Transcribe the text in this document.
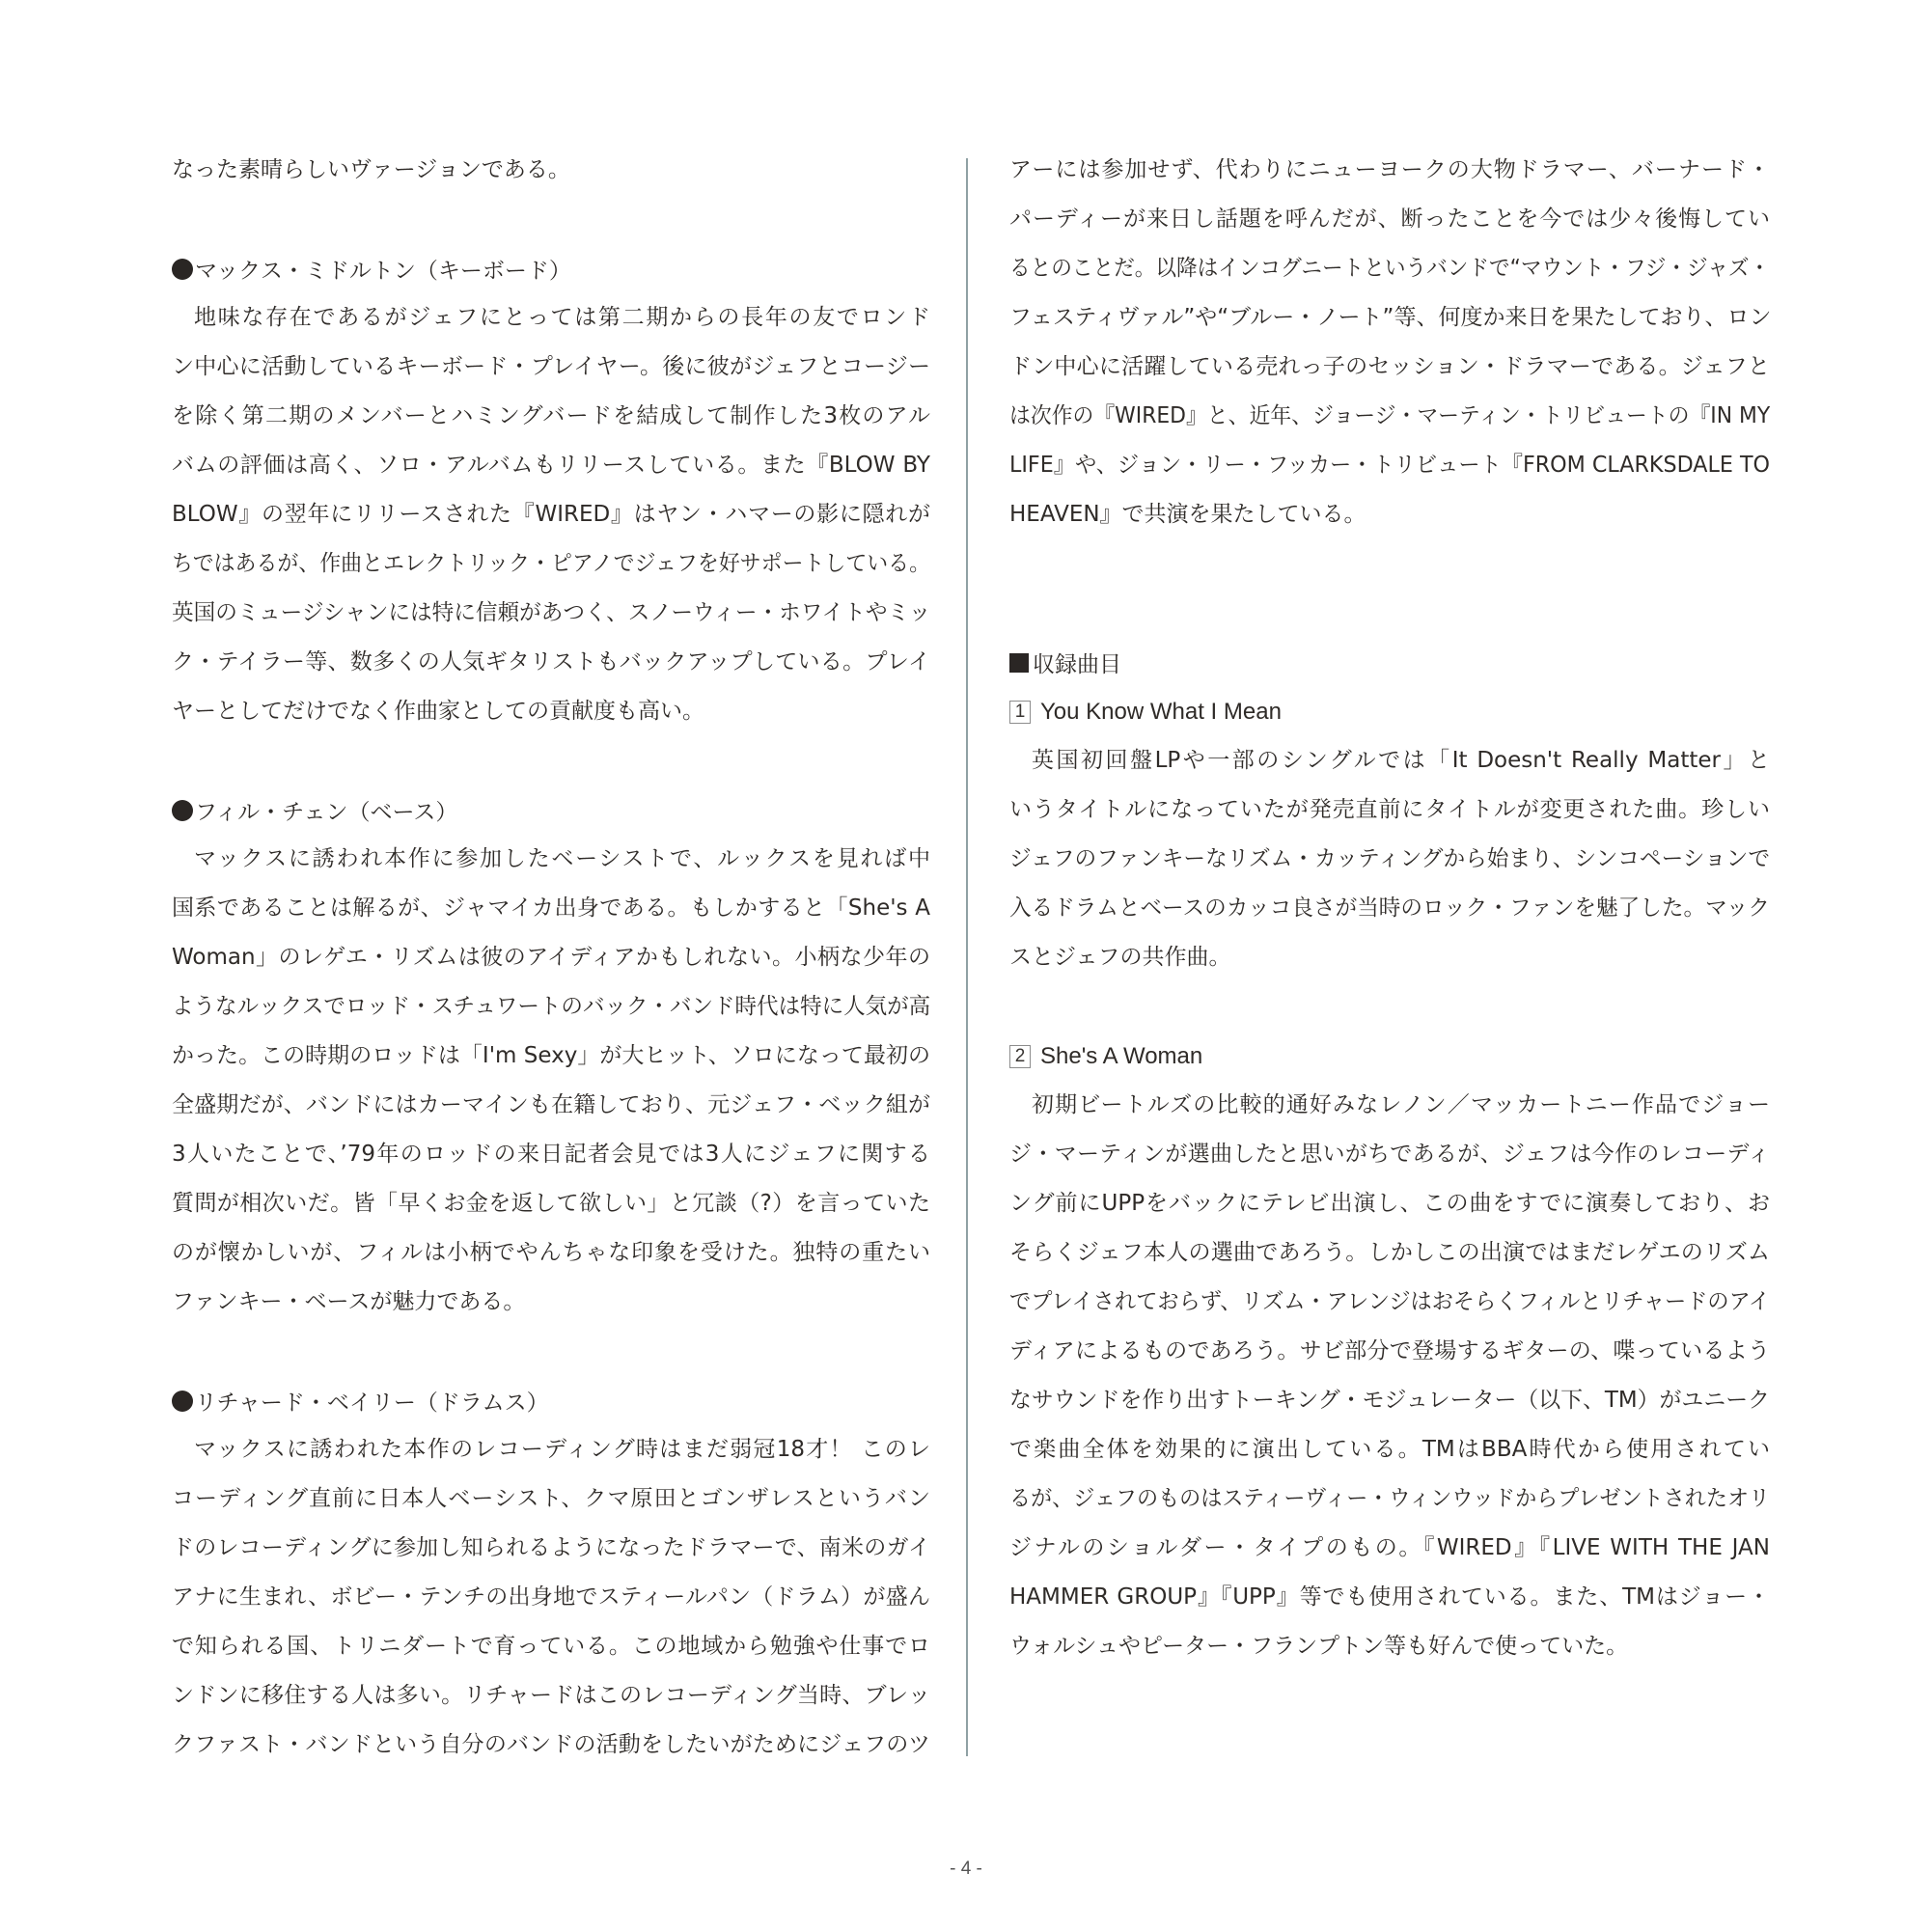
なった素晴らしいヴァージョンである。
マックス・ミドルトン（キーボード）
地味な存在であるがジェフにとっては第二期からの長年の友でロンド
ン中心に活動しているキーボード・プレイヤー。後に彼がジェフとコージー
を除く第二期のメンバーとハミングバードを結成して制作した3枚のアル
バムの評価は高く、ソロ・アルバムもリリースしている。また『BLOW BY
BLOW』の翌年にリリースされた『WIRED』はヤン・ハマーの影に隠れが
ちではあるが、作曲とエレクトリック・ピアノでジェフを好サポートしている。
英国のミュージシャンには特に信頼があつく、スノーウィー・ホワイトやミッ
ク・テイラー等、数多くの人気ギタリストもバックアップしている。プレイ
ヤーとしてだけでなく作曲家としての貢献度も高い。
フィル・チェン（ベース）
マックスに誘われ本作に参加したベーシストで、ルックスを見れば中
国系であることは解るが、ジャマイカ出身である。もしかすると「She's A
Woman」のレゲエ・リズムは彼のアイディアかもしれない。小柄な少年の
ようなルックスでロッド・スチュワートのバック・バンド時代は特に人気が高
かった。この時期のロッドは「I'm Sexy」が大ヒット、ソロになって最初の
全盛期だが、バンドにはカーマインも在籍しており、元ジェフ・ベック組が
3人いたことで、’79年のロッドの来日記者会見では3人にジェフに関する
質問が相次いだ。皆「早くお金を返して欲しい」と冗談（?）を言っていた
のが懐かしいが、フィルは小柄でやんちゃな印象を受けた。独特の重たい
ファンキー・ベースが魅力である。
リチャード・ベイリー（ドラムス）
マックスに誘われた本作のレコーディング時はまだ弱冠18才！ このレ
コーディング直前に日本人ベーシスト、クマ原田とゴンザレスというバン
ドのレコーディングに参加し知られるようになったドラマーで、南米のガイ
アナに生まれ、ボビー・テンチの出身地でスティールパン（ドラム）が盛ん
で知られる国、トリニダートで育っている。この地域から勉強や仕事でロ
ンドンに移住する人は多い。リチャードはこのレコーディング当時、ブレッ
クファスト・バンドという自分のバンドの活動をしたいがためにジェフのツ
アーには参加せず、代わりにニューヨークの大物ドラマー、バーナード・
パーディーが来日し話題を呼んだが、断ったことを今では少々後悔してい
るとのことだ。以降はインコグニートというバンドで“マウント・フジ・ジャズ・
フェスティヴァル”や“ブルー・ノート”等、何度か来日を果たしており、ロン
ドン中心に活躍している売れっ子のセッション・ドラマーである。ジェフと
は次作の『WIRED』と、近年、ジョージ・マーティン・トリビュートの『IN MY
LIFE』や、ジョン・リー・フッカー・トリビュート『FROM CLARKSDALE TO
HEAVEN』で共演を果たしている。
収録曲目
1 You Know What I Mean
英国初回盤LPや一部のシングルでは「It Doesn't Really Matter」と
いうタイトルになっていたが発売直前にタイトルが変更された曲。珍しい
ジェフのファンキーなリズム・カッティングから始まり、シンコペーションで
入るドラムとベースのカッコ良さが当時のロック・ファンを魅了した。マック
スとジェフの共作曲。
2 She's A Woman
初期ビートルズの比較的通好みなレノン／マッカートニー作品でジョー
ジ・マーティンが選曲したと思いがちであるが、ジェフは今作のレコーディ
ング前にUPPをバックにテレビ出演し、この曲をすでに演奏しており、お
そらくジェフ本人の選曲であろう。しかしこの出演ではまだレゲエのリズム
でプレイされておらず、リズム・アレンジはおそらくフィルとリチャードのアイ
ディアによるものであろう。サビ部分で登場するギターの、喋っているよう
なサウンドを作り出すトーキング・モジュレーター（以下、TM）がユニーク
で楽曲全体を効果的に演出している。TMはBBA時代から使用されてい
るが、ジェフのものはスティーヴィー・ウィンウッドからプレゼントされたオリ
ジナルのショルダー・タイプのもの。『WIRED』『LIVE WITH THE JAN
HAMMER GROUP』『UPP』等でも使用されている。また、TMはジョー・
ウォルシュやピーター・フランプトン等も好んで使っていた。
- 4 -
